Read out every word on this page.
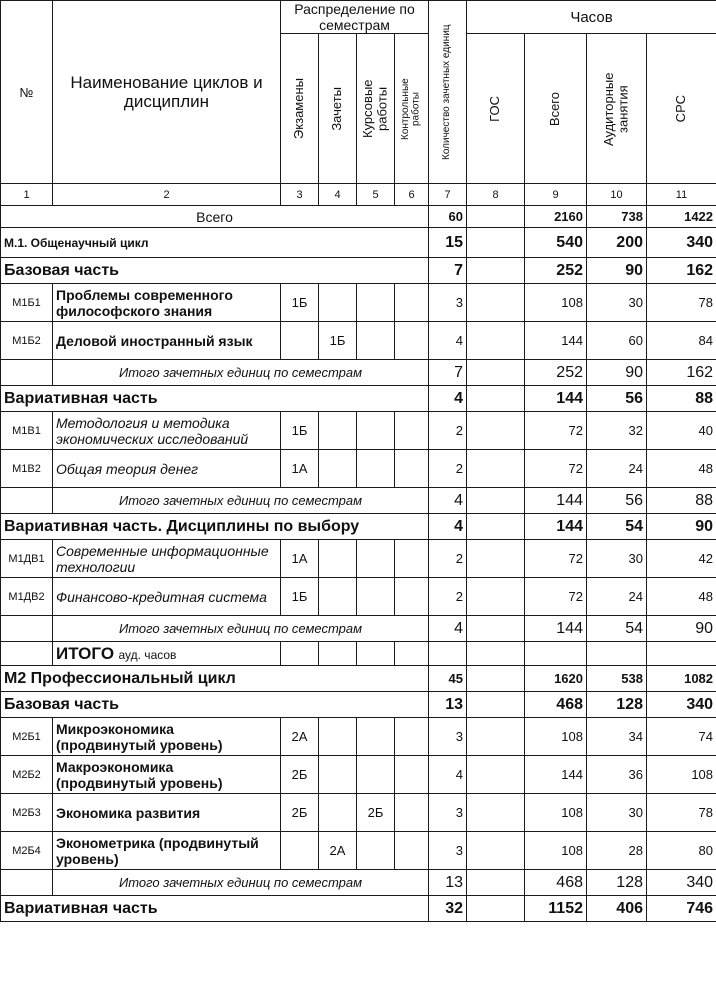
№	Наименование циклов и дисциплин	Распределение по семестрам				Количество зачетных единиц	Часов			

		Экзамены	Зачеты	Курсовые работы	Контрольные работы		ГОС	Всего	Аудиторные занятия	СРС

1	2	3	4	5	6	7	8	9	10	11
Всего						60		2160	738	1422
М.1. Общенаучный цикл						15		540	200	340
Базовая часть						7		252	90	162
М1Б1	Проблемы современного философского знания	1Б				3		108	30	78
М1Б2	Деловой иностранный язык		1Б			4		144	60	84
	Итого зачетных единиц по семестрам					7		252	90	162
Вариативная часть						4		144	56	88
М1В1	Методология и методика экономических исследований	1Б				2		72	32	40
М1В2	Общая теория денег	1А				2		72	24	48
	Итого зачетных единиц по семестрам					4		144	56	88
Вариативная часть. Дисциплины по выбору						4		144	54	90
М1ДВ1	Современные информационные технологии	1А				2		72	30	42
М1ДВ2	Финансово-кредитная система	1Б				2		72	24	48
	Итого зачетных единиц по семестрам					4		144	54	90
	ИТОГО ауд. часов									
М2 Профессиональный цикл						45		1620	538	1082
Базовая часть						13		468	128	340
М2Б1	Микроэкономика (продвинутый уровень)	2А				3		108	34	74
М2Б2	Макроэкономика (продвинутый уровень)	2Б				4		144	36	108
М2Б3	Экономика развития	2Б		2Б		3		108	30	78
М2Б4	Эконометрика (продвинутый уровень)		2А			3		108	28	80
	Итого зачетных единиц по семестрам					13		468	128	340
Вариативная часть						32		1152	406	746
